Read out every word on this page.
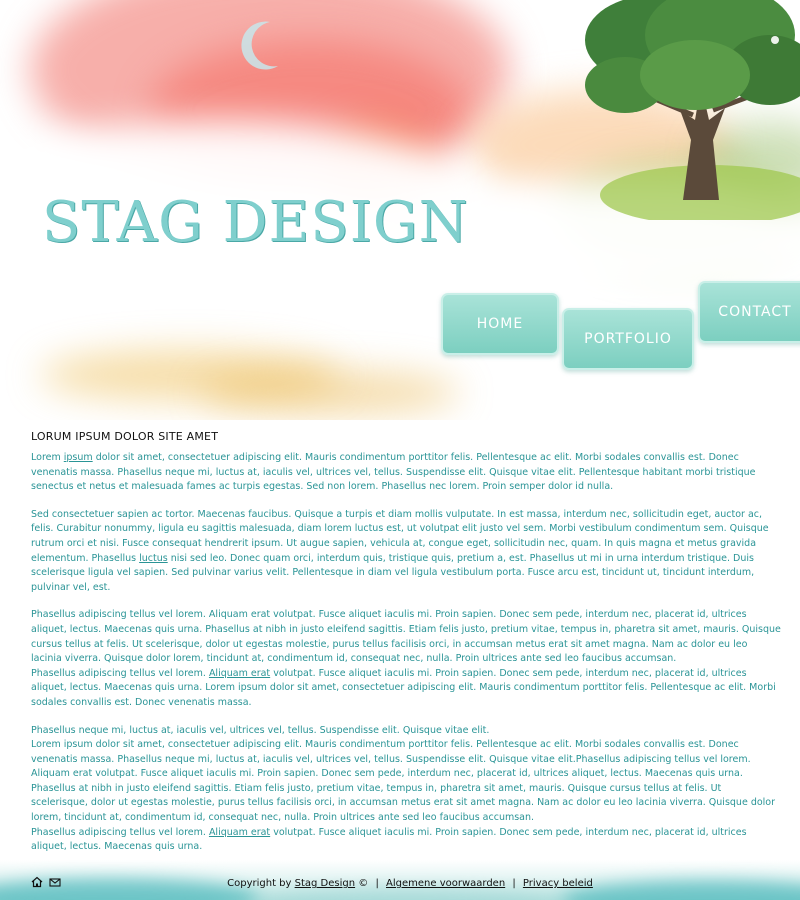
STAG DESIGN
HOME
PORTFOLIO
CONTACT
LORUM IPSUM DOLOR SITE AMET

Lorem ipsum dolor sit amet, consectetuer adipiscing elit. Mauris condimentum porttitor felis. Pellentesque ac elit. Morbi sodales convallis est. Donec venenatis massa. Phasellus neque mi, luctus at, iaculis vel, ultrices vel, tellus. Suspendisse elit. Quisque vitae elit. Pellentesque habitant morbi tristique senectus et netus et malesuada fames ac turpis egestas. Sed non lorem. Phasellus nec lorem. Proin semper dolor id nulla.

Sed consectetuer sapien ac tortor. Maecenas faucibus. Quisque a turpis et diam mollis vulputate. In est massa, interdum nec, sollicitudin eget, auctor ac, felis. Curabitur nonummy, ligula eu sagittis malesuada, diam lorem luctus est, ut volutpat elit justo vel sem. Morbi vestibulum condimentum sem. Quisque rutrum orci et nisi. Fusce consequat hendrerit ipsum. Ut augue sapien, vehicula at, congue eget, sollicitudin nec, quam. In quis magna et metus gravida elementum. Phasellus luctus nisi sed leo. Donec quam orci, interdum quis, tristique quis, pretium a, est. Phasellus ut mi in urna interdum tristique. Duis scelerisque ligula vel sapien. Sed pulvinar varius velit. Pellentesque in diam vel ligula vestibulum porta. Fusce arcu est, tincidunt ut, tincidunt interdum, pulvinar vel, est.

Phasellus adipiscing tellus vel lorem. Aliquam erat volutpat. Fusce aliquet iaculis mi. Proin sapien. Donec sem pede, interdum nec, placerat id, ultrices aliquet, lectus. Maecenas quis urna. Phasellus at nibh in justo eleifend sagittis. Etiam felis justo, pretium vitae, tempus in, pharetra sit amet, mauris. Quisque cursus tellus at felis. Ut scelerisque, dolor ut egestas molestie, purus tellus facilisis orci, in accumsan metus erat sit amet magna. Nam ac dolor eu leo lacinia viverra. Quisque dolor lorem, tincidunt at, condimentum id, consequat nec, nulla. Proin ultrices ante sed leo faucibus accumsan.
Phasellus adipiscing tellus vel lorem. Aliquam erat volutpat. Fusce aliquet iaculis mi. Proin sapien. Donec sem pede, interdum nec, placerat id, ultrices aliquet, lectus. Maecenas quis urna. Lorem ipsum dolor sit amet, consectetuer adipiscing elit. Mauris condimentum porttitor felis. Pellentesque ac elit. Morbi sodales convallis est. Donec venenatis massa.

Phasellus neque mi, luctus at, iaculis vel, ultrices vel, tellus. Suspendisse elit. Quisque vitae elit.
Lorem ipsum dolor sit amet, consectetuer adipiscing elit. Mauris condimentum porttitor felis. Pellentesque ac elit. Morbi sodales convallis est. Donec venenatis massa. Phasellus neque mi, luctus at, iaculis vel, ultrices vel, tellus. Suspendisse elit. Quisque vitae elit.Phasellus adipiscing tellus vel lorem. Aliquam erat volutpat. Fusce aliquet iaculis mi. Proin sapien. Donec sem pede, interdum nec, placerat id, ultrices aliquet, lectus. Maecenas quis urna. Phasellus at nibh in justo eleifend sagittis. Etiam felis justo, pretium vitae, tempus in, pharetra sit amet, mauris. Quisque cursus tellus at felis. Ut scelerisque, dolor ut egestas molestie, purus tellus facilisis orci, in accumsan metus erat sit amet magna. Nam ac dolor eu leo lacinia viverra. Quisque dolor lorem, tincidunt at, condimentum id, consequat nec, nulla. Proin ultrices ante sed leo faucibus accumsan.
Phasellus adipiscing tellus vel lorem. Aliquam erat volutpat. Fusce aliquet iaculis mi. Proin sapien. Donec sem pede, interdum nec, placerat id, ultrices aliquet, lectus. Maecenas quis urna.

Copyright by Stag Design © | Algemene voorwaarden | Privacy beleid
